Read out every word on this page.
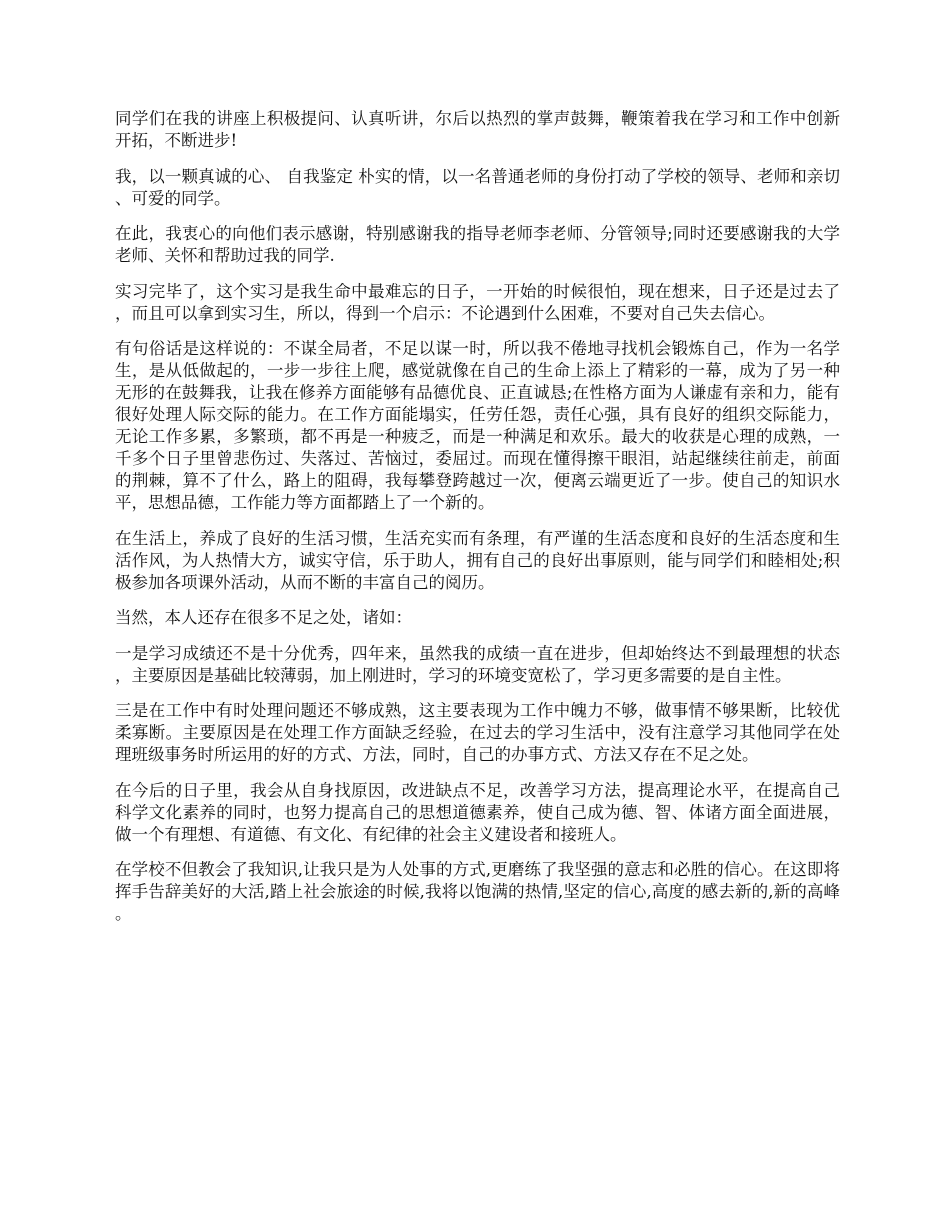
同学们在我的讲座上积极提问、认真听讲，尔后以热烈的掌声鼓舞，鞭策着我在学习和工作中创新开拓，不断进步!

我，以一颗真诚的心、 自我鉴定 朴实的情，以一名普通老师的身份打动了学校的领导、老师和亲切、可爱的同学。

在此，我衷心的向他们表示感谢，特别感谢我的指导老师李老师、分管领导;同时还要感谢我的大学老师、关怀和帮助过我的同学.

实习完毕了，这个实习是我生命中最难忘的日子，一开始的时候很怕，现在想来，日子还是过去了，而且可以拿到实习生，所以，得到一个启示：不论遇到什么困难，不要对自己失去信心。

有句俗话是这样说的：不谋全局者，不足以谋一时，所以我不倦地寻找机会锻炼自己，作为一名学生，是从低做起的，一步一步往上爬，感觉就像在自己的生命上添上了精彩的一幕，成为了另一种无形的在鼓舞我，让我在修养方面能够有品德优良、正直诚恳;在性格方面为人谦虚有亲和力，能有很好处理人际交际的能力。在工作方面能塌实，任劳任怨，责任心强，具有良好的组织交际能力，无论工作多累，多繁琐，都不再是一种疲乏，而是一种满足和欢乐。最大的收获是心理的成熟，一千多个日子里曾悲伤过、失落过、苦恼过，委屈过。而现在懂得擦干眼泪，站起继续往前走，前面的荆棘，算不了什么，路上的阻碍，我每攀登跨越过一次，便离云端更近了一步。使自己的知识水平，思想品德，工作能力等方面都踏上了一个新的。

在生活上，养成了良好的生活习惯，生活充实而有条理，有严谨的生活态度和良好的生活态度和生活作风，为人热情大方，诚实守信，乐于助人，拥有自己的良好出事原则，能与同学们和睦相处;积极参加各项课外活动，从而不断的丰富自己的阅历。

当然，本人还存在很多不足之处，诸如：

一是学习成绩还不是十分优秀，四年来，虽然我的成绩一直在进步，但却始终达不到最理想的状态，主要原因是基础比较薄弱，加上刚进时，学习的环境变宽松了，学习更多需要的是自主性。

三是在工作中有时处理问题还不够成熟，这主要表现为工作中魄力不够，做事情不够果断，比较优柔寡断。主要原因是在处理工作方面缺乏经验，在过去的学习生活中，没有注意学习其他同学在处理班级事务时所运用的好的方式、方法，同时，自己的办事方式、方法又存在不足之处。

在今后的日子里，我会从自身找原因，改进缺点不足，改善学习方法，提高理论水平，在提高自己科学文化素养的同时，也努力提高自己的思想道德素养，使自己成为德、智、体诸方面全面进展，做一个有理想、有道德、有文化、有纪律的社会主义建设者和接班人。

在学校不但教会了我知识,让我只是为人处事的方式,更磨练了我坚强的意志和必胜的信心。在这即将挥手告辞美好的大活,踏上社会旅途的时候,我将以饱满的热情,坚定的信心,高度的感去新的,新的高峰。
